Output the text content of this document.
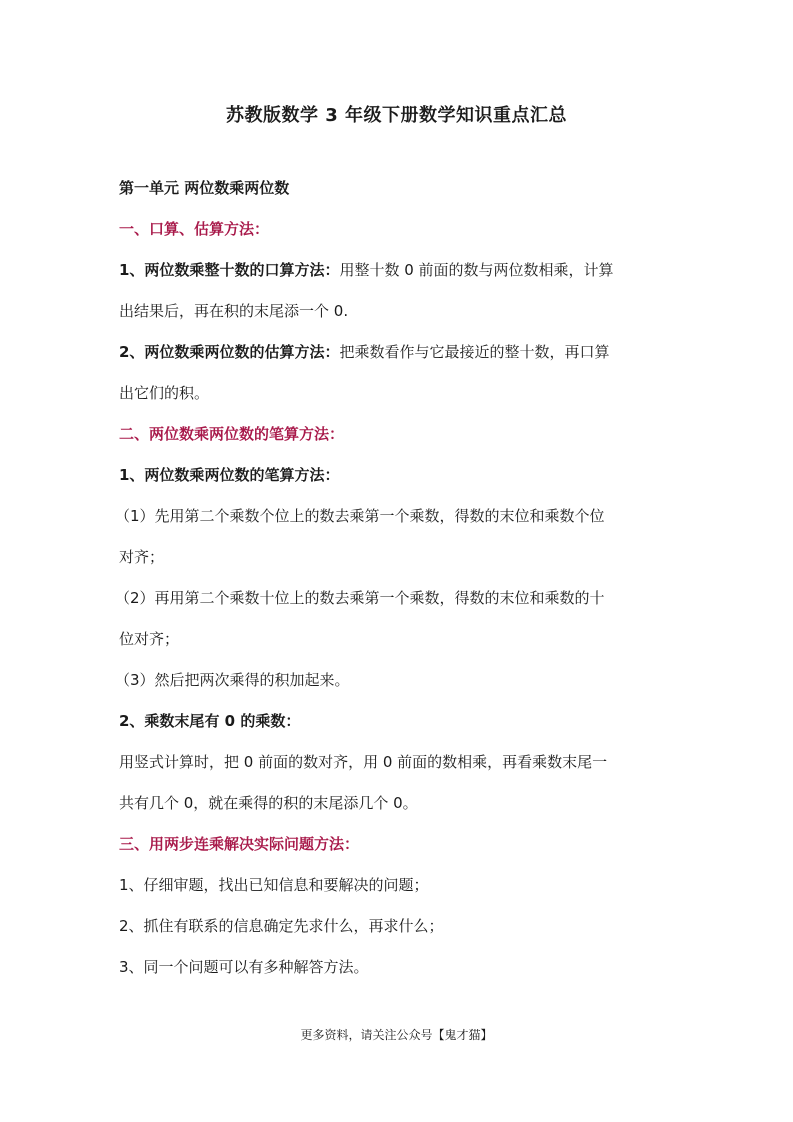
苏教版数学 3 年级下册数学知识重点汇总
第一单元 两位数乘两位数
一、口算、估算方法：
1、两位数乘整十数的口算方法：用整十数 0 前面的数与两位数相乘，计算
出结果后，再在积的末尾添一个 0.
2、两位数乘两位数的估算方法：把乘数看作与它最接近的整十数，再口算
出它们的积。
二、两位数乘两位数的笔算方法：
1、两位数乘两位数的笔算方法：
（1）先用第二个乘数个位上的数去乘第一个乘数，得数的末位和乘数个位
对齐；
（2）再用第二个乘数十位上的数去乘第一个乘数，得数的末位和乘数的十
位对齐；
（3）然后把两次乘得的积加起来。
2、乘数末尾有 0 的乘数：
用竖式计算时，把 0 前面的数对齐，用 0 前面的数相乘，再看乘数末尾一
共有几个 0，就在乘得的积的末尾添几个 0。
三、用两步连乘解决实际问题方法：
1、仔细审题，找出已知信息和要解决的问题；
2、抓住有联系的信息确定先求什么，再求什么；
3、同一个问题可以有多种解答方法。
更多资料，请关注公众号【鬼才猫】
